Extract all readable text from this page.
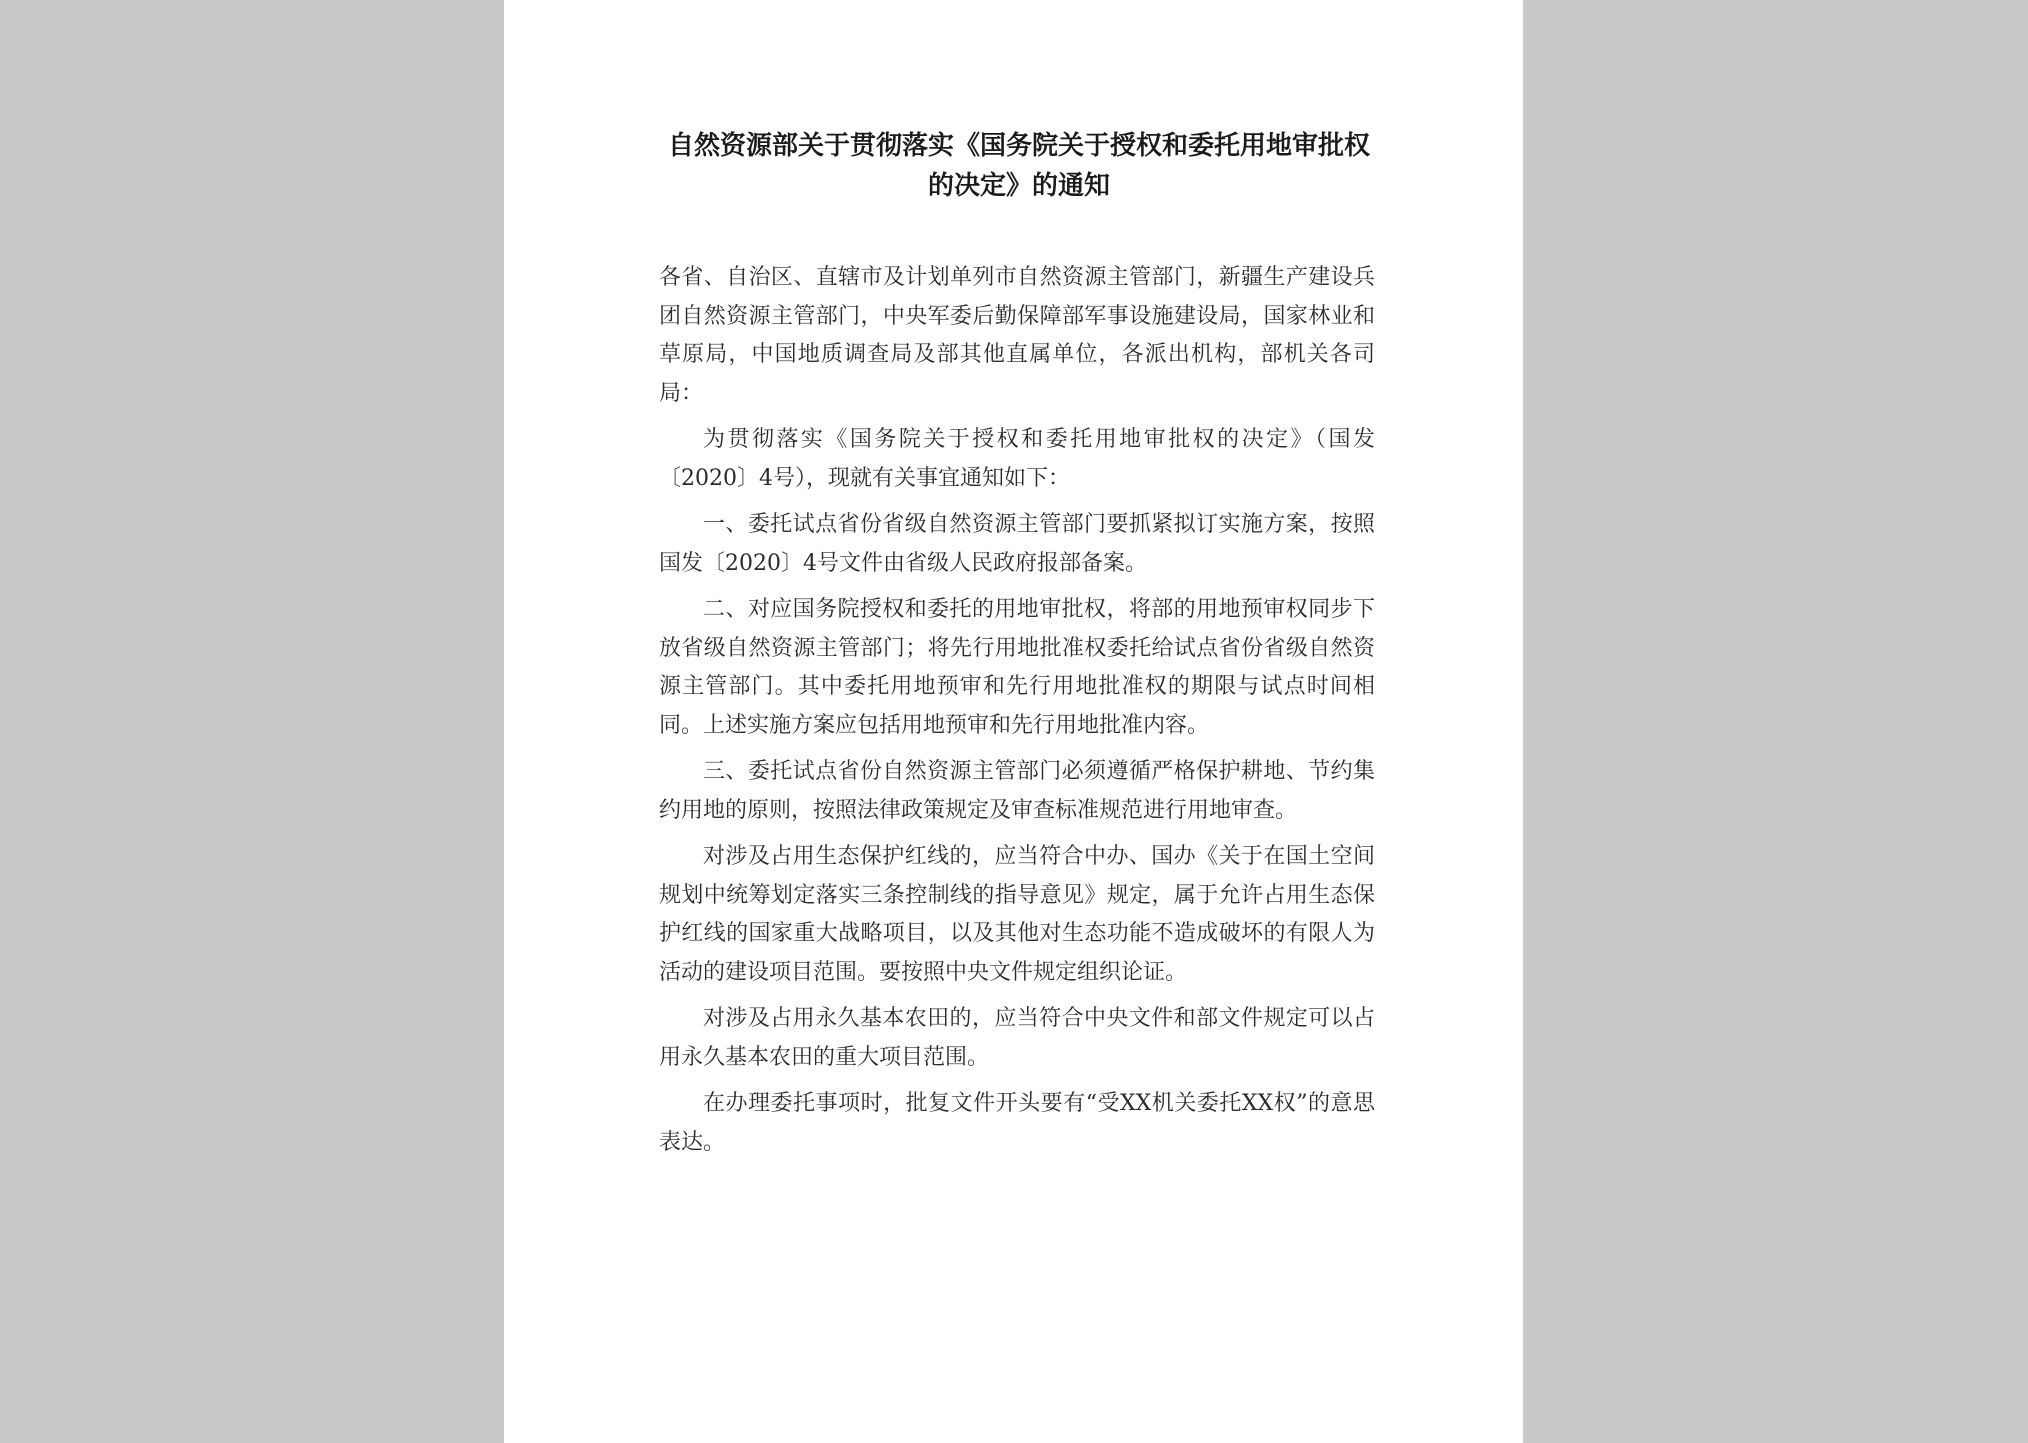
自然资源部关于贯彻落实《国务院关于授权和委托用地审批权的决定》的通知

各省、自治区、直辖市及计划单列市自然资源主管部门，新疆生产建设兵团自然资源主管部门，中央军委后勤保障部军事设施建设局，国家林业和草原局，中国地质调查局及部其他直属单位，各派出机构，部机关各司局：

为贯彻落实《国务院关于授权和委托用地审批权的决定》（国发〔2020〕4号），现就有关事宜通知如下：

一、委托试点省份省级自然资源主管部门要抓紧拟订实施方案，按照国发〔2020〕4号文件由省级人民政府报部备案。

二、对应国务院授权和委托的用地审批权，将部的用地预审权同步下放省级自然资源主管部门；将先行用地批准权委托给试点省份省级自然资源主管部门。其中委托用地预审和先行用地批准权的期限与试点时间相同。上述实施方案应包括用地预审和先行用地批准内容。

三、委托试点省份自然资源主管部门必须遵循严格保护耕地、节约集约用地的原则，按照法律政策规定及审查标准规范进行用地审查。

对涉及占用生态保护红线的，应当符合中办、国办《关于在国土空间规划中统筹划定落实三条控制线的指导意见》规定，属于允许占用生态保护红线的国家重大战略项目，以及其他对生态功能不造成破坏的有限人为活动的建设项目范围。要按照中央文件规定组织论证。

对涉及占用永久基本农田的，应当符合中央文件和部文件规定可以占用永久基本农田的重大项目范围。

在办理委托事项时，批复文件开头要有“受XX机关委托XX权”的意思表达。
